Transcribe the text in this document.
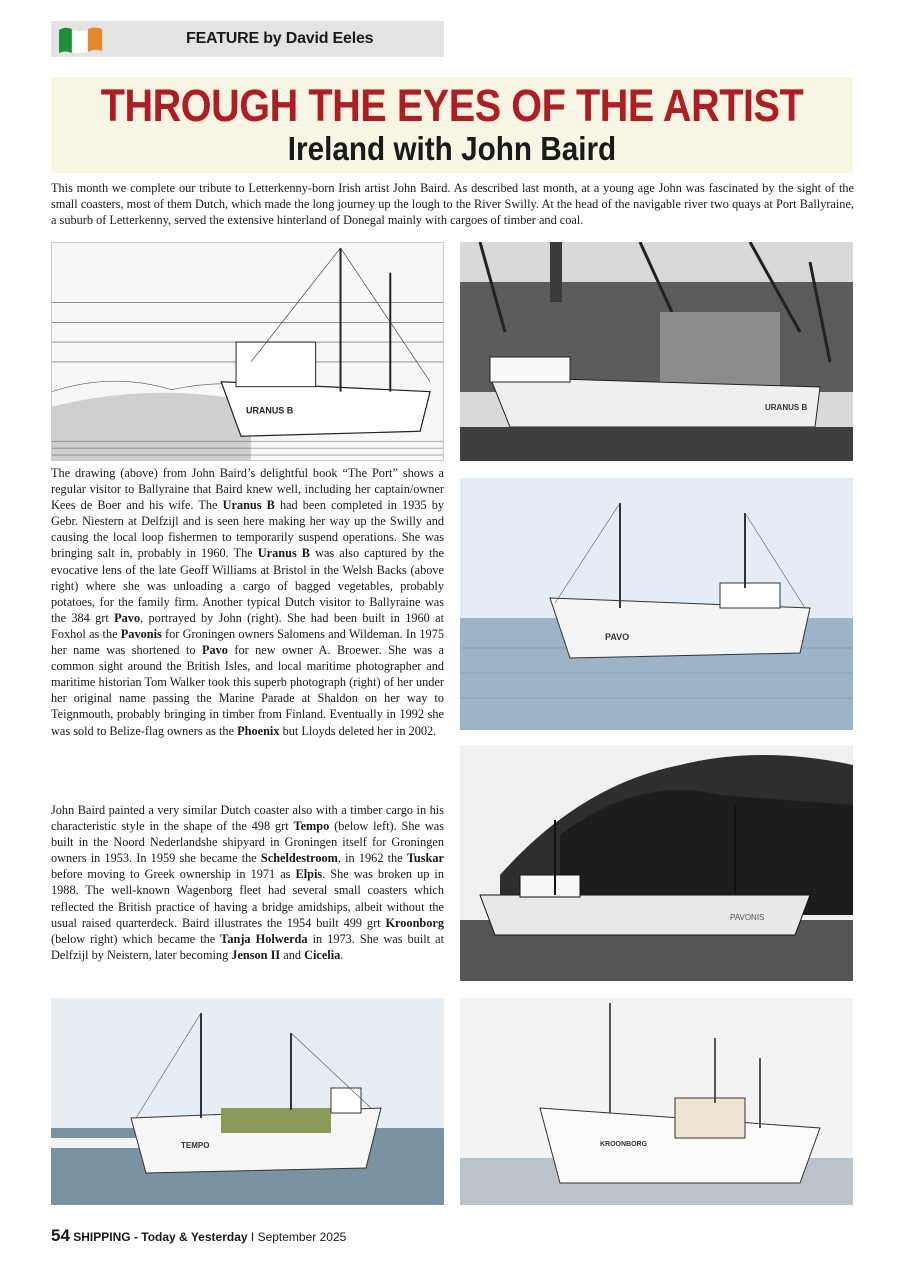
FEATURE by David Eeles
THROUGH THE EYES OF THE ARTIST
Ireland with John Baird
This month we complete our tribute to Letterkenny-born Irish artist John Baird. As described last month, at a young age John was fascinated by the sight of the small coasters, most of them Dutch, which made the long journey up the lough to the River Swilly. At the head of the navigable river two quays at Port Ballyraine, a suburb of Letterkenny, served the extensive hinterland of Donegal mainly with cargoes of timber and coal.
URANUS B	URANUS B
PAVO
PAVONIS
TEMPO	KROONBORG
The drawing (above) from John Baird’s delightful book “The Port” shows a regular visitor to Ballyraine that Baird knew well, including her captain/owner Kees de Boer and his wife. The Uranus B had been completed in 1935 by Gebr. Niestern at Delfzijl and is seen here making her way up the Swilly and causing the local loop fishermen to temporarily suspend operations. She was bringing salt in, probably in 1960. The Uranus B was also captured by the evocative lens of the late Geoff Williams at Bristol in the Welsh Backs (above right) where she was unloading a cargo of bagged vegetables, probably potatoes, for the family firm. Another typical Dutch visitor to Ballyraine was the 384 grt Pavo, portrayed by John (right). She had been built in 1960 at Foxhol as the Pavonis for Groningen owners Salomens and Wildeman. In 1975 her name was shortened to Pavo for new owner A. Broewer. She was a common sight around the British Isles, and local maritime photographer and maritime historian Tom Walker took this superb photograph (right) of her under her original name passing the Marine Parade at Shaldon on her way to Teignmouth, probably bringing in timber from Finland. Eventually in 1992 she was sold to Belize-flag owners as the Phoenix but Lloyds deleted her in 2002.
John Baird painted a very similar Dutch coaster also with a timber cargo in his characteristic style in the shape of the 498 grt Tempo (below left). She was built in the Noord Nederlandshe shipyard in Groningen itself for Groningen owners in 1953. In 1959 she became the Scheldestroom, in 1962 the Tuskar before moving to Greek ownership in 1971 as Elpis. She was broken up in 1988. The well-known Wagenborg fleet had several small coasters which reflected the British practice of having a bridge amidships, albeit without the usual raised quarterdeck. Baird illustrates the 1954 built 499 grt Kroonborg (below right) which became the Tanja Holwerda in 1973. She was built at Delfzijl by Neistern, later becoming Jenson II and Cicelia.
54 SHIPPING - Today & Yesterday I September 2025
